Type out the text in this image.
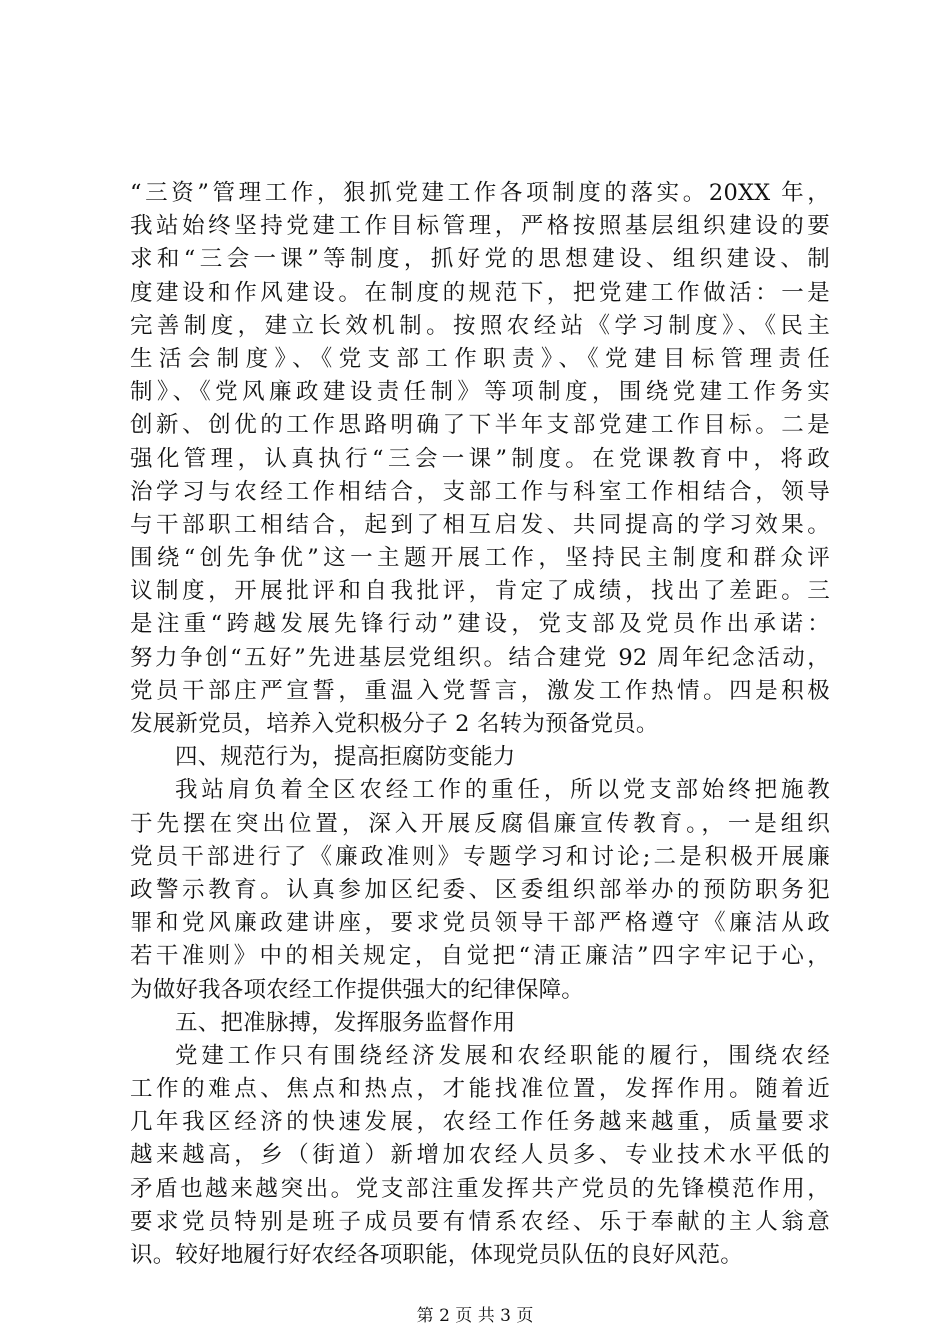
“三资”管理工作，狠抓党建工作各项制度的落实。20XX 年，
我站始终坚持党建工作目标管理，严格按照基层组织建设的要
求和“三会一课”等制度，抓好党的思想建设、组织建设、制
度建设和作风建设。在制度的规范下，把党建工作做活：一是
完善制度，建立长效机制。按照农经站《学习制度》、《民主
生活会制度》、《党支部工作职责》、《党建目标管理责任
制》、《党风廉政建设责任制》等项制度，围绕党建工作务实
创新、创优的工作思路明确了下半年支部党建工作目标。二是
强化管理，认真执行“三会一课”制度。在党课教育中，将政
治学习与农经工作相结合，支部工作与科室工作相结合，领导
与干部职工相结合，起到了相互启发、共同提高的学习效果。
围绕“创先争优”这一主题开展工作，坚持民主制度和群众评
议制度，开展批评和自我批评，肯定了成绩，找出了差距。三
是注重“跨越发展先锋行动”建设，党支部及党员作出承诺：
努力争创“五好”先进基层党组织。结合建党 92 周年纪念活动，
党员干部庄严宣誓，重温入党誓言，激发工作热情。四是积极
发展新党员，培养入党积极分子 2 名转为预备党员。
四、规范行为，提高拒腐防变能力
我站肩负着全区农经工作的重任，所以党支部始终把施教
于先摆在突出位置，深入开展反腐倡廉宣传教育。，一是组织
党员干部进行了《廉政准则》专题学习和讨论;二是积极开展廉
政警示教育。认真参加区纪委、区委组织部举办的预防职务犯
罪和党风廉政建讲座，要求党员领导干部严格遵守《廉洁从政
若干准则》中的相关规定，自觉把“清正廉洁”四字牢记于心，
为做好我各项农经工作提供强大的纪律保障。
五、把准脉搏，发挥服务监督作用
党建工作只有围绕经济发展和农经职能的履行，围绕农经
工作的难点、焦点和热点，才能找准位置，发挥作用。随着近
几年我区经济的快速发展，农经工作任务越来越重，质量要求
越来越高，乡（街道）新增加农经人员多、专业技术水平低的
矛盾也越来越突出。党支部注重发挥共产党员的先锋模范作用，
要求党员特别是班子成员要有情系农经、乐于奉献的主人翁意
识。较好地履行好农经各项职能，体现党员队伍的良好风范。
第 2 页 共 3 页
